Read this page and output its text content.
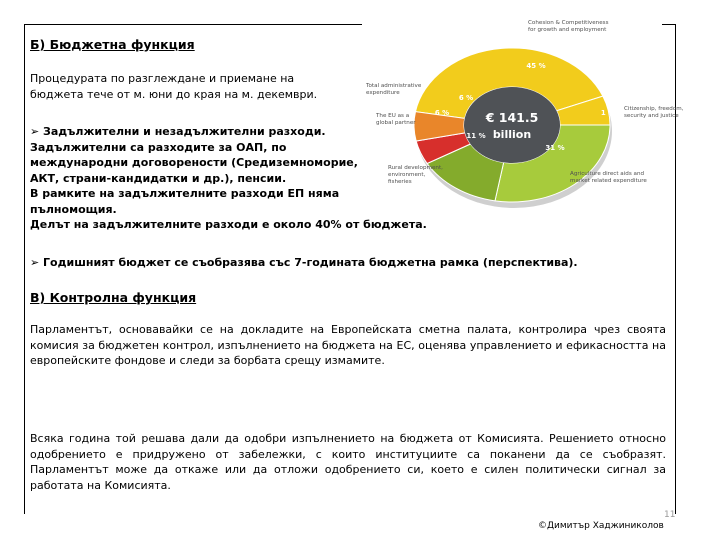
Б) Бюджетна функция
Процедурата по разглеждане и приемане на
бюджета тече от м. юни до края на м. декември.
➢ Задължителни и незадължителни разходи.
Задължителни са разходите за ОАП, по
международни договорености (Средиземноморие,
АКТ, страни-кандидатки и др.), пенсии.
В рамките на задължителните разходи ЕП няма
пълномощия.
Делът на задължителните разходи е около 40% от бюджета.
➢ Годишният бюджет се съобразява със 7-годината бюджетна рамка (перспектива).
В) Контролна функция
Парламентът, основавайки се на докладите на Европейската сметна палата, контролира чрез своята комисия за бюджетен контрол, изпълнението на бюджета на ЕС, оценява управлението и ефикасността на европейските фондове и следи за борбата срещу измамите.
Всяка година той решава дали да одобри изпълнението на бюджета от Комисията. Решението относно одобрението е придружено от забележки, с които институциите са поканени да се съобразят. Парламентът може да откаже или да отложи одобрението си, което е силен политически сигнал за работата на Комисията.
€ 141.5
billion
45 %
1 %
31 %
11 %
6 %
6 %
Cohesion & Competitiveness
for growth and employment
Total administrative
expenditure
The EU as a
global partner
Citizenship, freedom,
security and justice
Rural development,
environment,
fisheries
Agriculture direct aids and
market related expenditure
11
©Димитър Хаджиниколов
